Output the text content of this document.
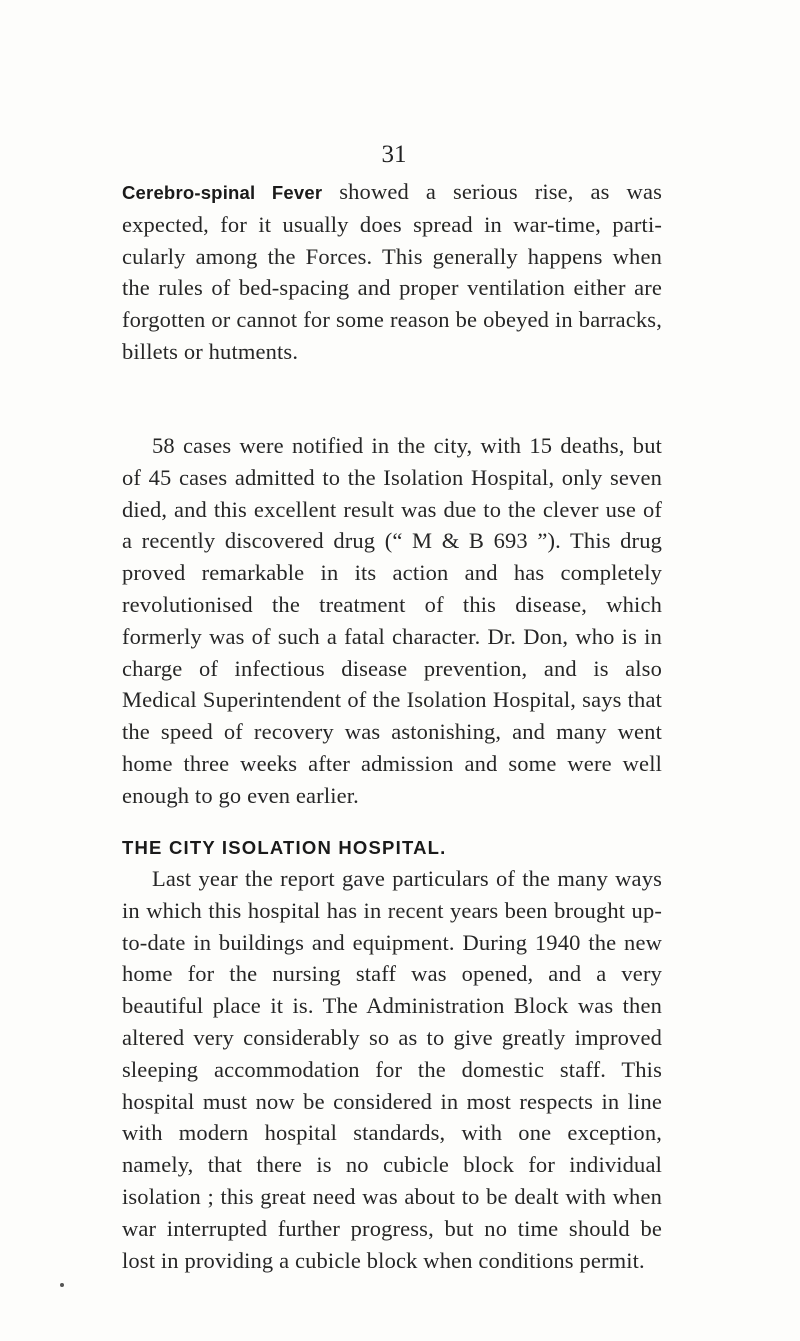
31

Cerebro-spinal Fever showed a serious rise, as was expected, for it usually does spread in war-time, parti- cularly among the Forces. This generally happens when the rules of bed-spacing and proper ventilation either are forgotten or cannot for some reason be obeyed in barracks, billets or hutments.

58 cases were notified in the city, with 15 deaths, but of 45 cases admitted to the Isolation Hospital, only seven died, and this excellent result was due to the clever use of a recently discovered drug (“ M & B 693 ”). This drug proved remarkable in its action and has completely revolutionised the treatment of this disease, which formerly was of such a fatal character. Dr. Don, who is in charge of infectious disease prevention, and is also Medical Superintendent of the Isolation Hospital, says that the speed of recovery was astonishing, and many went home three weeks after admission and some were well enough to go even earlier.

THE CITY ISOLATION HOSPITAL.

Last year the report gave particulars of the many ways in which this hospital has in recent years been brought up-to-date in buildings and equipment. During 1940 the new home for the nursing staff was opened, and a very beautiful place it is. The Administration Block was then altered very considerably so as to give greatly improved sleeping accommodation for the domestic staff. This hospital must now be considered in most respects in line with modern hospital standards, with one exception, namely, that there is no cubicle block for individual isolation ; this great need was about to be dealt with when war interrupted further progress, but no time should be lost in providing a cubicle block when conditions permit.
